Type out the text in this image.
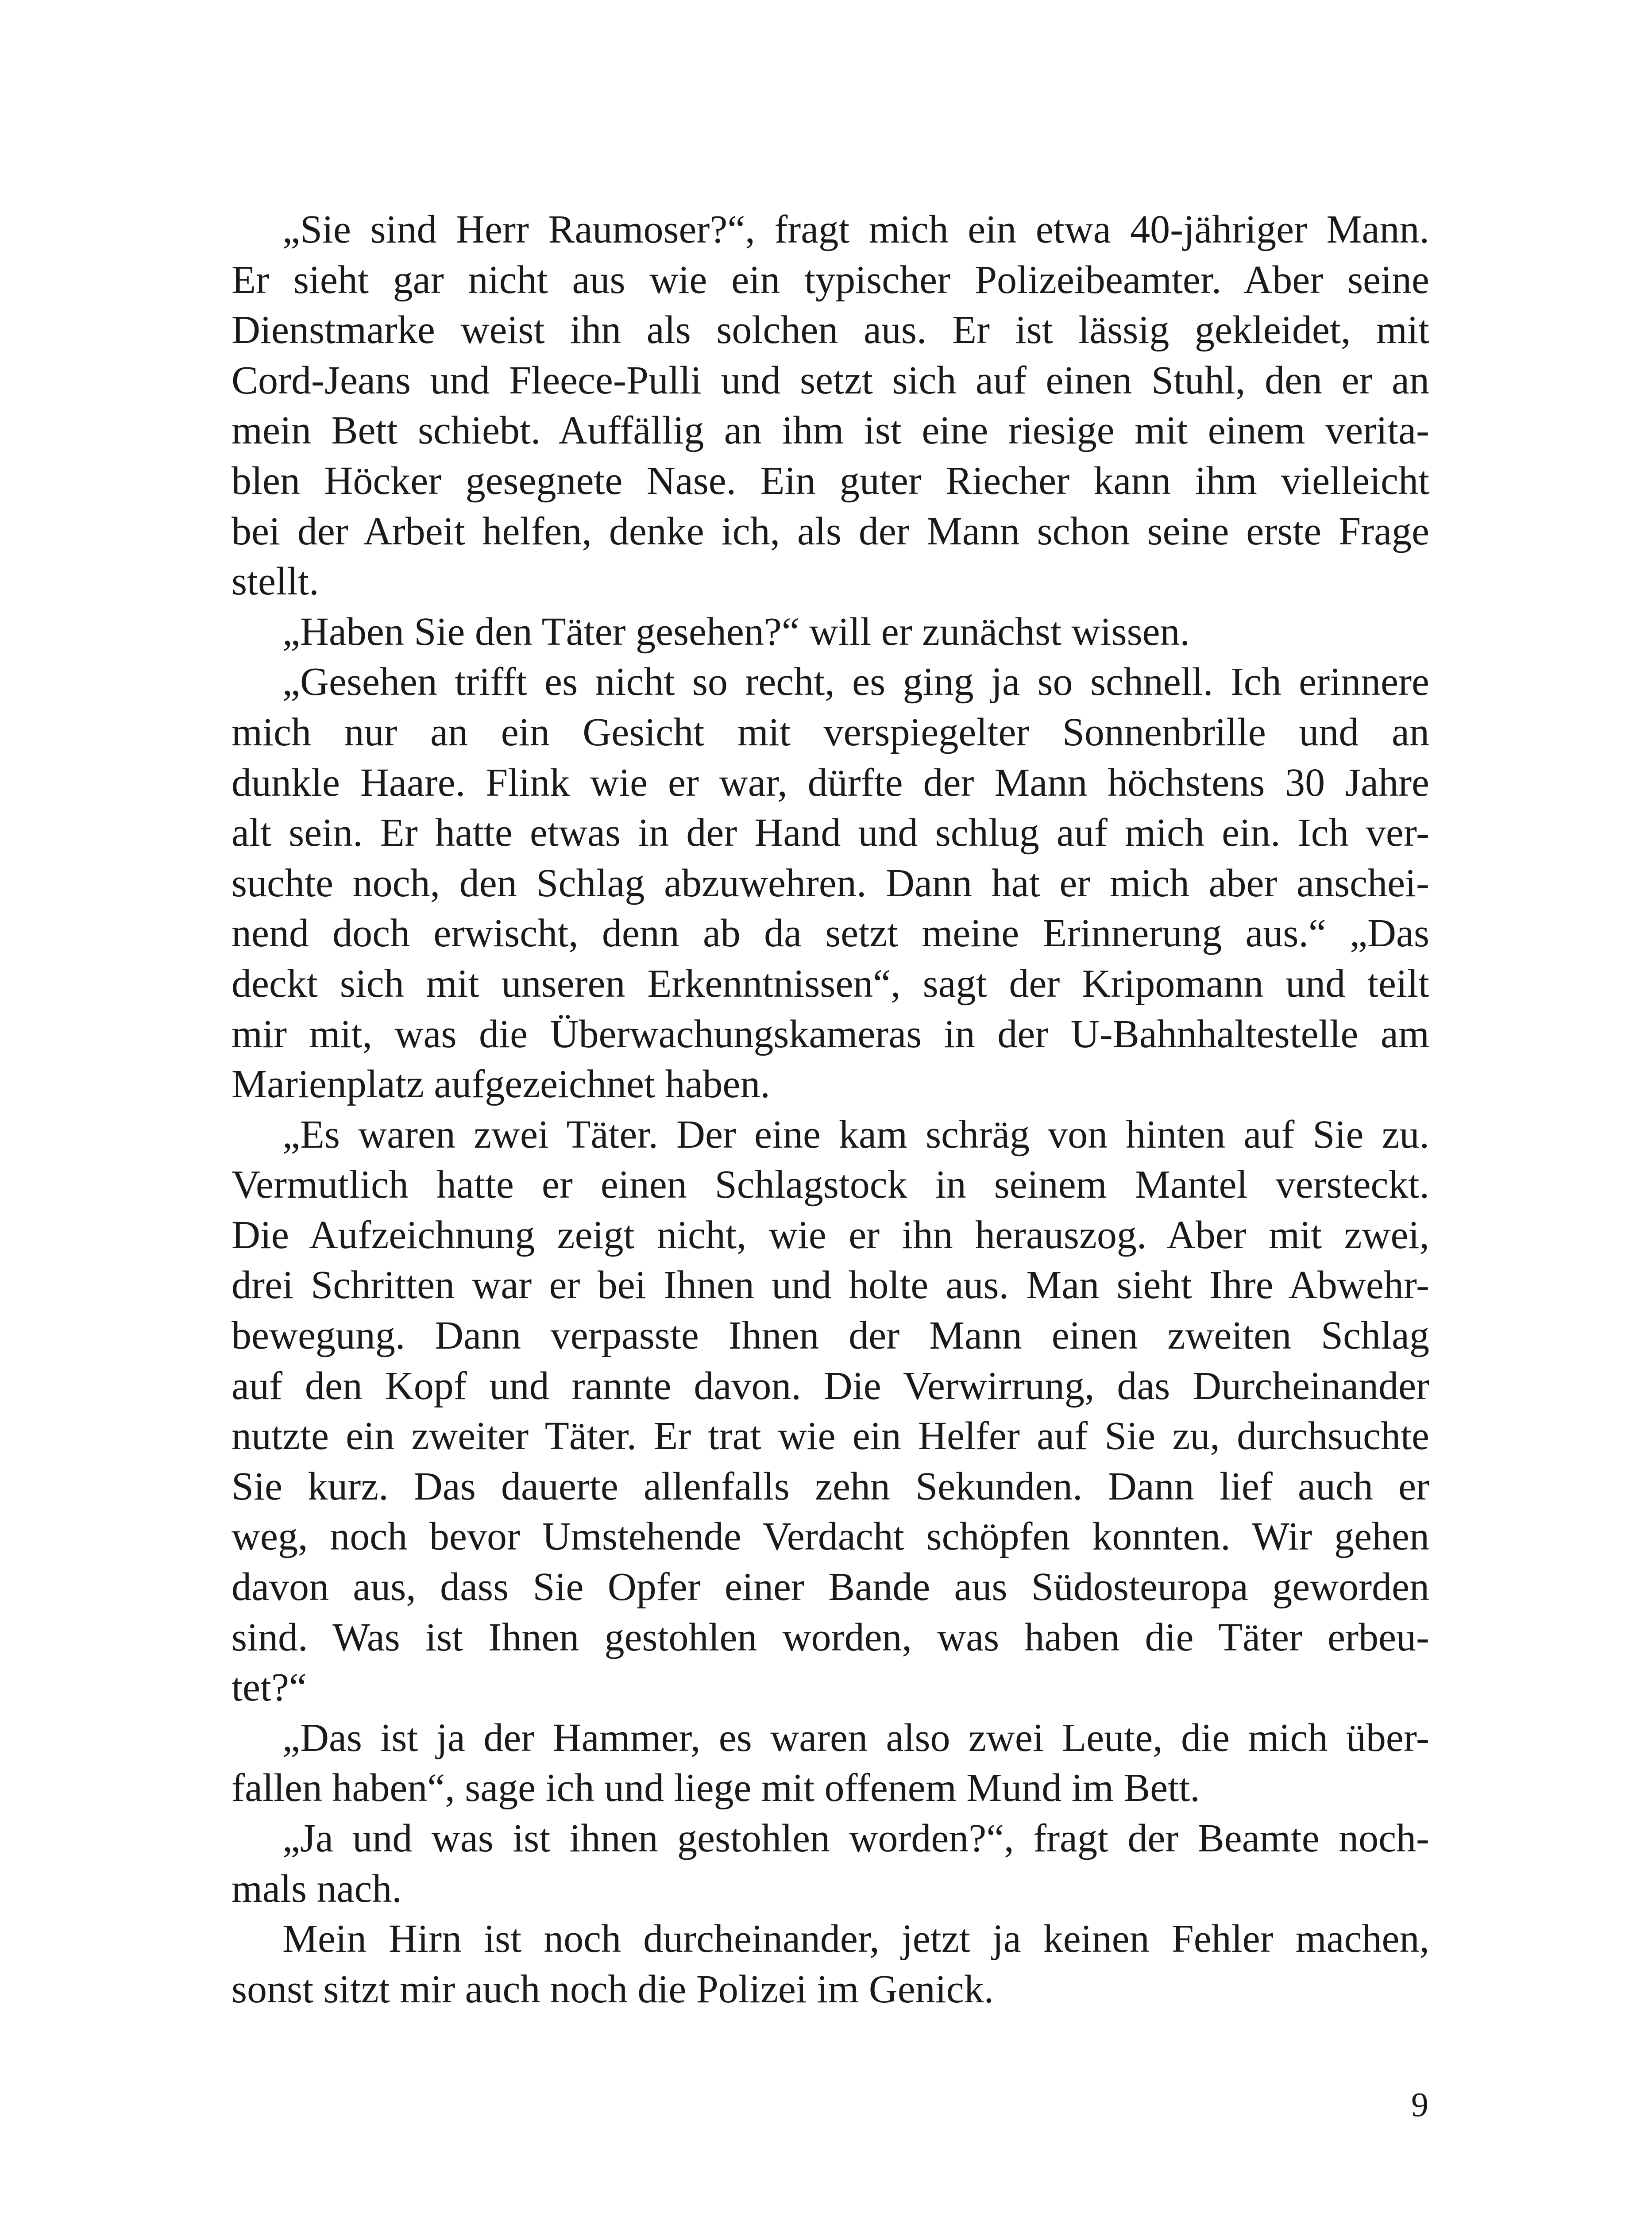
„Sie sind Herr Raumoser?“, fragt mich ein etwa 40-jähriger Mann.
Er sieht gar nicht aus wie ein typischer Polizeibeamter. Aber seine
Dienstmarke weist ihn als solchen aus. Er ist lässig gekleidet, mit
Cord-Jeans und Fleece-Pulli und setzt sich auf einen Stuhl, den er an
mein Bett schiebt. Auffällig an ihm ist eine riesige mit einem verita-
blen Höcker gesegnete Nase. Ein guter Riecher kann ihm vielleicht
bei der Arbeit helfen, denke ich, als der Mann schon seine erste Frage
stellt.
„Haben Sie den Täter gesehen?“ will er zunächst wissen.
„Gesehen trifft es nicht so recht, es ging ja so schnell. Ich erinnere
mich nur an ein Gesicht mit verspiegelter Sonnenbrille und an
dunkle Haare. Flink wie er war, dürfte der Mann höchstens 30 Jahre
alt sein. Er hatte etwas in der Hand und schlug auf mich ein. Ich ver-
suchte noch, den Schlag abzuwehren. Dann hat er mich aber anschei-
nend doch erwischt, denn ab da setzt meine Erinnerung aus.“ „Das
deckt sich mit unseren Erkenntnissen“, sagt der Kripomann und teilt
mir mit, was die Überwachungskameras in der U-Bahnhaltestelle am
Marienplatz aufgezeichnet haben.
„Es waren zwei Täter. Der eine kam schräg von hinten auf Sie zu.
Vermutlich hatte er einen Schlagstock in seinem Mantel versteckt.
Die Aufzeichnung zeigt nicht, wie er ihn herauszog. Aber mit zwei,
drei Schritten war er bei Ihnen und holte aus. Man sieht Ihre Abwehr-
bewegung. Dann verpasste Ihnen der Mann einen zweiten Schlag
auf den Kopf und rannte davon. Die Verwirrung, das Durcheinander
nutzte ein zweiter Täter. Er trat wie ein Helfer auf Sie zu, durchsuchte
Sie kurz. Das dauerte allenfalls zehn Sekunden. Dann lief auch er
weg, noch bevor Umstehende Verdacht schöpfen konnten. Wir gehen
davon aus, dass Sie Opfer einer Bande aus Südosteuropa geworden
sind. Was ist Ihnen gestohlen worden, was haben die Täter erbeu-
tet?“
„Das ist ja der Hammer, es waren also zwei Leute, die mich über-
fallen haben“, sage ich und liege mit offenem Mund im Bett.
„Ja und was ist ihnen gestohlen worden?“, fragt der Beamte noch-
mals nach.
Mein Hirn ist noch durcheinander, jetzt ja keinen Fehler machen,
sonst sitzt mir auch noch die Polizei im Genick.
9
